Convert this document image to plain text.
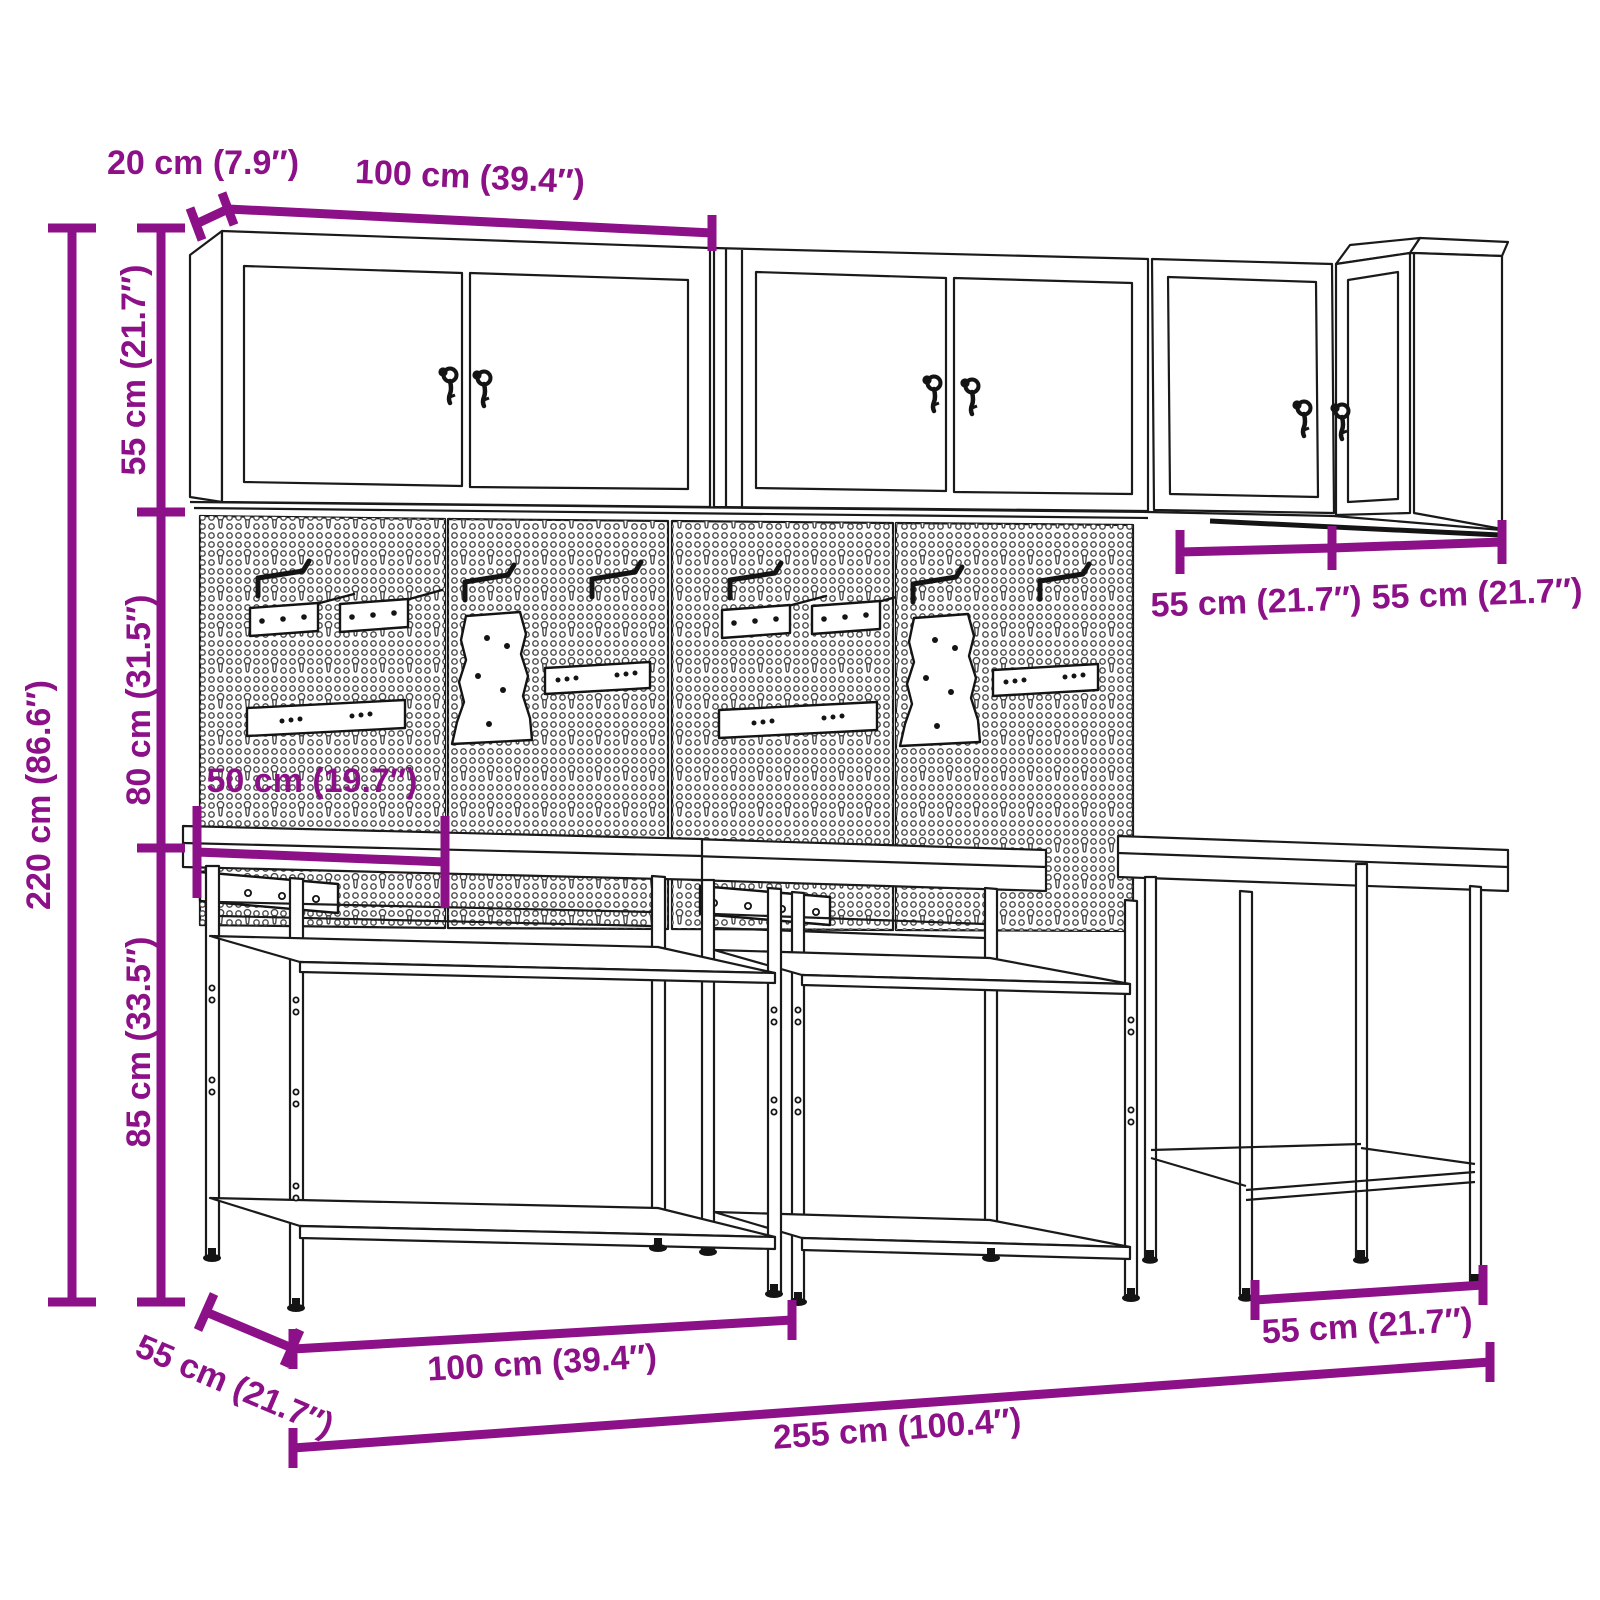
20 cm (7.9″) 100 cm (39.4″)
55 cm (21.7″)
220 cm (86.6″) 80 cm (31.5″)
85 cm (33.5″)
50 cm (19.7″)
55 cm (21.7″) 55 cm (21.7″)
55 cm (21.7″)	100 cm (39.4″)
55 cm (21.7″)
255 cm (100.4″)
